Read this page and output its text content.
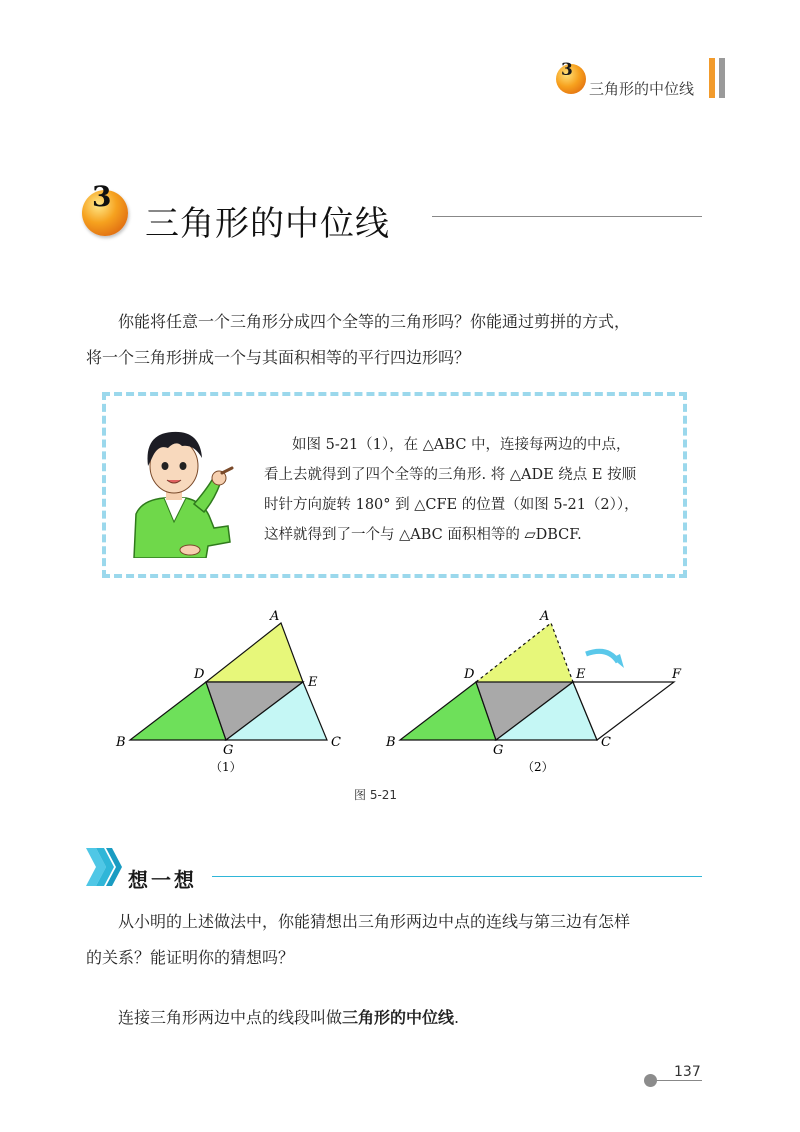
3
三角形的中位线
3
三角形的中位线
你能将任意一个三角形分成四个全等的三角形吗？你能通过剪拼的方式，
将一个三角形拼成一个与其面积相等的平行四边形吗？
如图 5-21（1），在 △ABC 中，连接每两边的中点，
看上去就得到了四个全等的三角形. 将 △ADE 绕点 E 按顺
时针方向旋转 180° 到 △CFE 的位置（如图 5-21（2）），
这样就得到了一个与 △ABC 面积相等的 ▱DBCF.
A
D
E
B
G
C
（1）
A
D	E	F
B
G
C
（2）
图 5-21
想一想
从小明的上述做法中，你能猜想出三角形两边中点的连线与第三边有怎样
的关系？能证明你的猜想吗？
连接三角形两边中点的线段叫做三角形的中位线.
137
